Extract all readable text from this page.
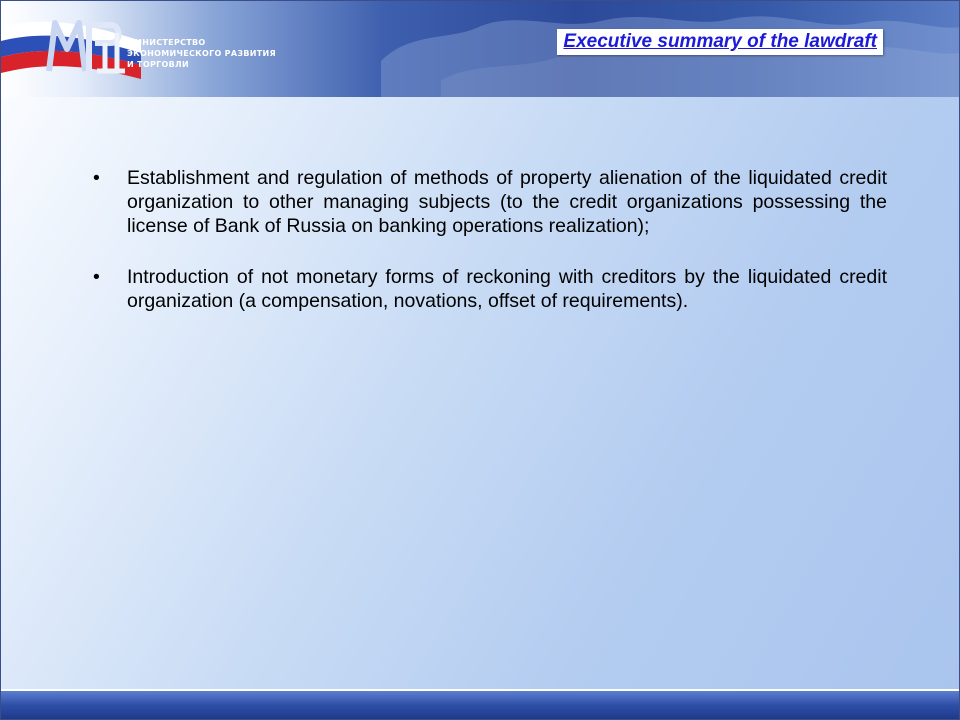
МИНИСТЕРСТВО
ЭКОНОМИЧЕСКОГО РАЗВИТИЯ
И ТОРГОВЛИ
Executive summary of the lawdraft
• Establishment and regulation of methods of property alienation of the liquidated credit organization to other managing subjects (to the credit organizations possessing the license of Bank of Russia on banking operations realization);
• Introduction of not monetary forms of reckoning with creditors by the liquidated credit organization (a compensation, novations, offset of requirements).
